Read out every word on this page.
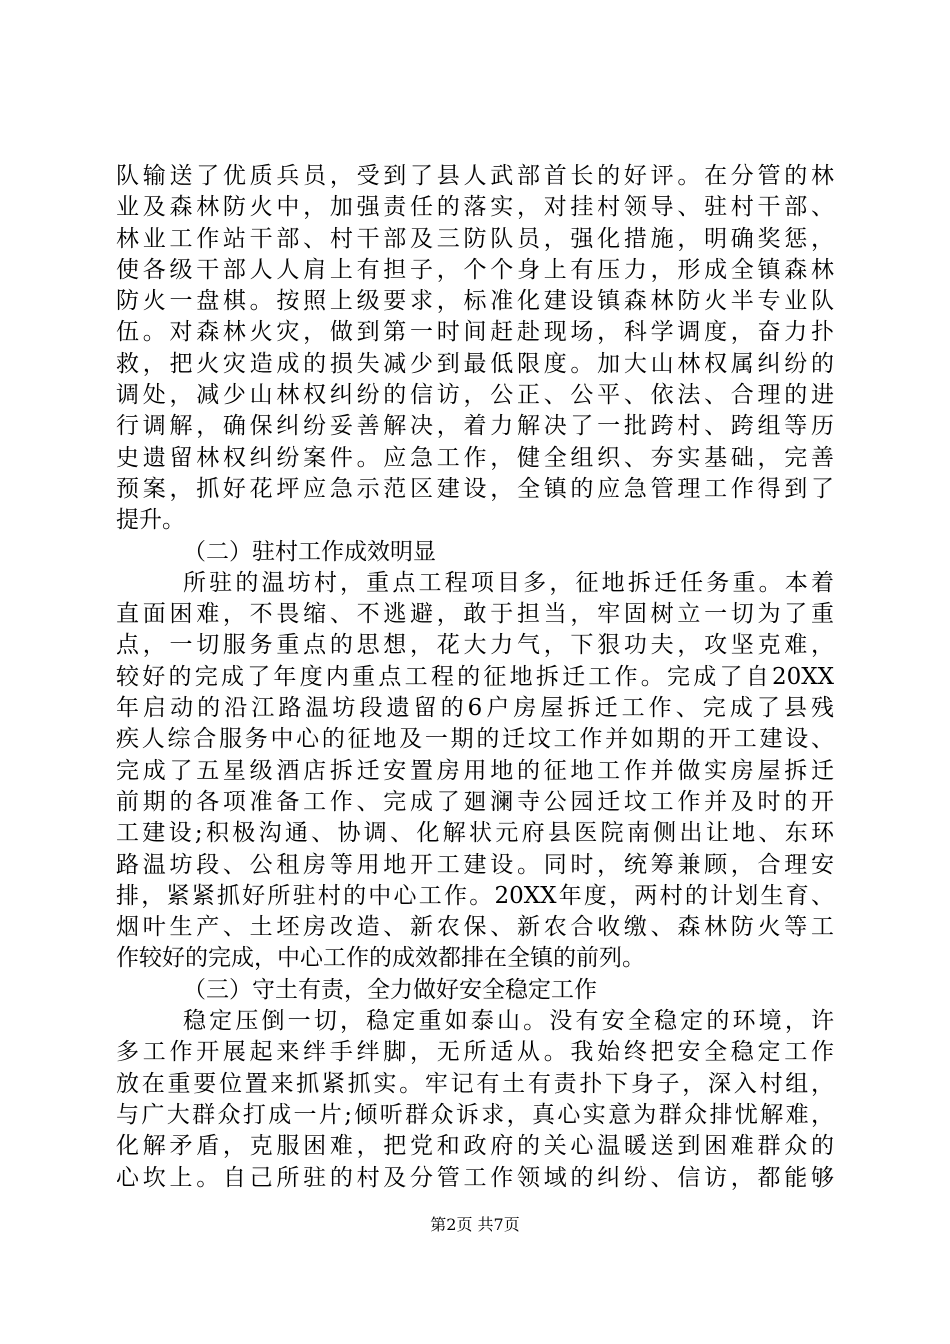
队输送了优质兵员，受到了县人武部首长的好评。在分管的林
业及森林防火中，加强责任的落实，对挂村领导、驻村干部、
林业工作站干部、村干部及三防队员，强化措施，明确奖惩，
使各级干部人人肩上有担子，个个身上有压力，形成全镇森林
防火一盘棋。按照上级要求，标准化建设镇森林防火半专业队
伍。对森林火灾，做到第一时间赶赴现场，科学调度，奋力扑
救，把火灾造成的损失减少到最低限度。加大山林权属纠纷的
调处，减少山林权纠纷的信访，公正、公平、依法、合理的进
行调解，确保纠纷妥善解决，着力解决了一批跨村、跨组等历
史遗留林权纠纷案件。应急工作，健全组织、夯实基础，完善
预案，抓好花坪应急示范区建设，全镇的应急管理工作得到了
提升。
（二）驻村工作成效明显
所驻的温坊村，重点工程项目多，征地拆迁任务重。本着
直面困难，不畏缩、不逃避，敢于担当，牢固树立一切为了重
点，一切服务重点的思想，花大力气，下狠功夫，攻坚克难，
较好的完成了年度内重点工程的征地拆迁工作。完成了自20XX
年启动的沿江路温坊段遗留的6户房屋拆迁工作、完成了县残
疾人综合服务中心的征地及一期的迁坟工作并如期的开工建设、
完成了五星级酒店拆迁安置房用地的征地工作并做实房屋拆迁
前期的各项准备工作、完成了廻澜寺公园迁坟工作并及时的开
工建设;积极沟通、协调、化解状元府县医院南侧出让地、东环
路温坊段、公租房等用地开工建设。同时，统筹兼顾，合理安
排，紧紧抓好所驻村的中心工作。20XX年度，两村的计划生育、
烟叶生产、土坯房改造、新农保、新农合收缴、森林防火等工
作较好的完成，中心工作的成效都排在全镇的前列。
（三）守土有责，全力做好安全稳定工作
稳定压倒一切，稳定重如泰山。没有安全稳定的环境，许
多工作开展起来绊手绊脚，无所适从。我始终把安全稳定工作
放在重要位置来抓紧抓实。牢记有土有责扑下身子，深入村组，
与广大群众打成一片;倾听群众诉求，真心实意为群众排忧解难，
化解矛盾，克服困难，把党和政府的关心温暖送到困难群众的
心坎上。自己所驻的村及分管工作领域的纠纷、信访，都能够
第2页 共7页
